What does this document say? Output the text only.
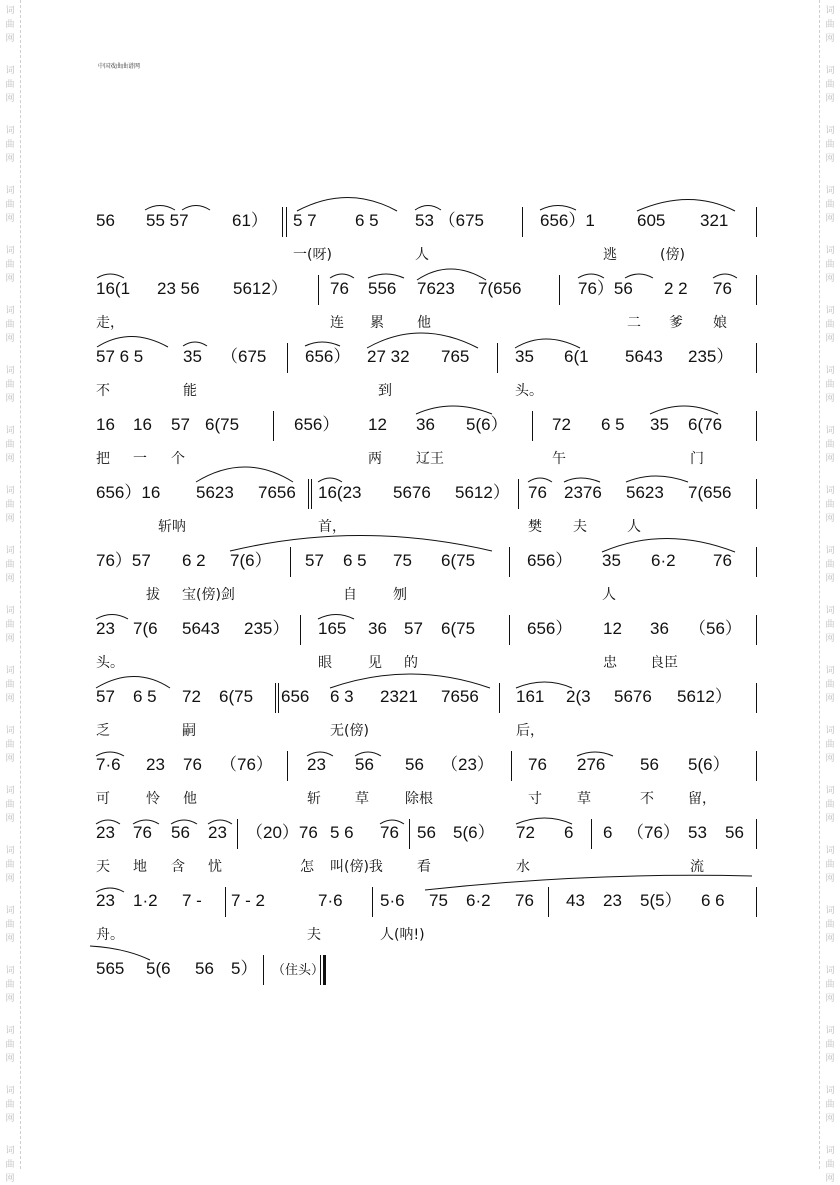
词
曲
网
词
曲
网
词
曲
网
词
曲
网
词
曲
网
词
曲
网
词
曲
网
词
曲
网
词
曲
网
词
曲
网
词
曲
网
词
曲
网
词
曲
网
词
曲
网
词
曲
网
词
曲
网
词
曲
网
词
曲
网
词
曲
网
词
曲
网
词
曲
网
词
曲
网
词
曲
网
词
曲
网
词
曲
网
词
曲
网
词
曲
网
词
曲
网
词
曲
网
词
曲
网
词
曲
网
词
曲
网
词
曲
网
词
曲
网
词
曲
网
词
曲
网
词
曲
网
词
曲
网
词
曲
网
词
曲
网
中国戏曲曲谱网
56 55 57	61） 5 7 6 5 53 （675	656）1 605 321
一(呀)	人	逃	(傍)
16(1 23 56 5612） 76 556 7623 7(656	76）56 2 2 76
走，	连 累 他	二 爹 娘
57 6 5 35 （675 656） 27 32 765	35 6(1 5643 235）
不	能	到	头。
16 16 57 6(75	656） 12 36 5(6）	72 6 5 35 6(76
把 一 个	两 辽王	午	门
656）16 5623 7656 16(23 5676 5612） 76 2376 5623 7(656
斩呐	首，	樊 夫	人
76）57 6 2 7(6） 57 6 5 75 6(75	656） 35 6·2 76
拔 宝(傍)剑	自	刎	人
23 7(6 5643 235） 165 36 57 6(75	656） 12 36 （56）
头。	眼	见 的	忠 良臣
57 6 5 72 6(75 656 6 3 2321 7656 161 2(3 5676 5612）
乏	嗣	无(傍)	后，
7·6 23 76 （76） 23 56 56 （23） 76 276 56 5(6）
可	怜 他	斩 草	除根	寸	草	不 留，
23 76 56 23 （20）76 5 6 76 56 5(6） 72 6 6 （76） 53 56
天 地 含 忧	怎 叫(傍)我 看	水	流
23 1·2 7 - 7 - 2	7·6 5·6 75 6·2 76 43 23 5(5） 6 6
舟。	夫	人(呐!)
565 5(6 56 5） （住头）
